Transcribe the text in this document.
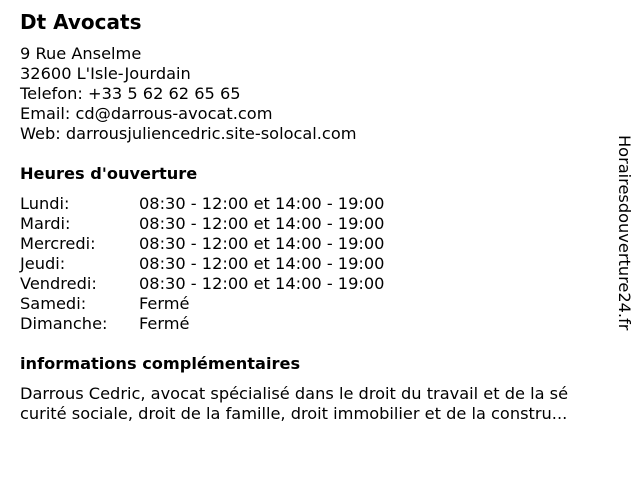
Dt Avocats
9 Rue Anselme
32600 L'Isle-Jourdain
Telefon: +33 5 62 62 65 65
Email: cd@darrous-avocat.com
Web: darrousjuliencedric.site-solocal.com
Heures d'ouverture
Lundi:	08:30 - 12:00 et 14:00 - 19:00
Mardi:	08:30 - 12:00 et 14:00 - 19:00
Mercredi:	08:30 - 12:00 et 14:00 - 19:00
Jeudi:	08:30 - 12:00 et 14:00 - 19:00
Vendredi:	08:30 - 12:00 et 14:00 - 19:00
Samedi:	Fermé
Dimanche: Fermé
informations complémentaires
Darrous Cedric, avocat spécialisé dans le droit du travail et de la sé
curité sociale, droit de la famille, droit immobilier et de la constru...
Horairesdouverture24.fr
